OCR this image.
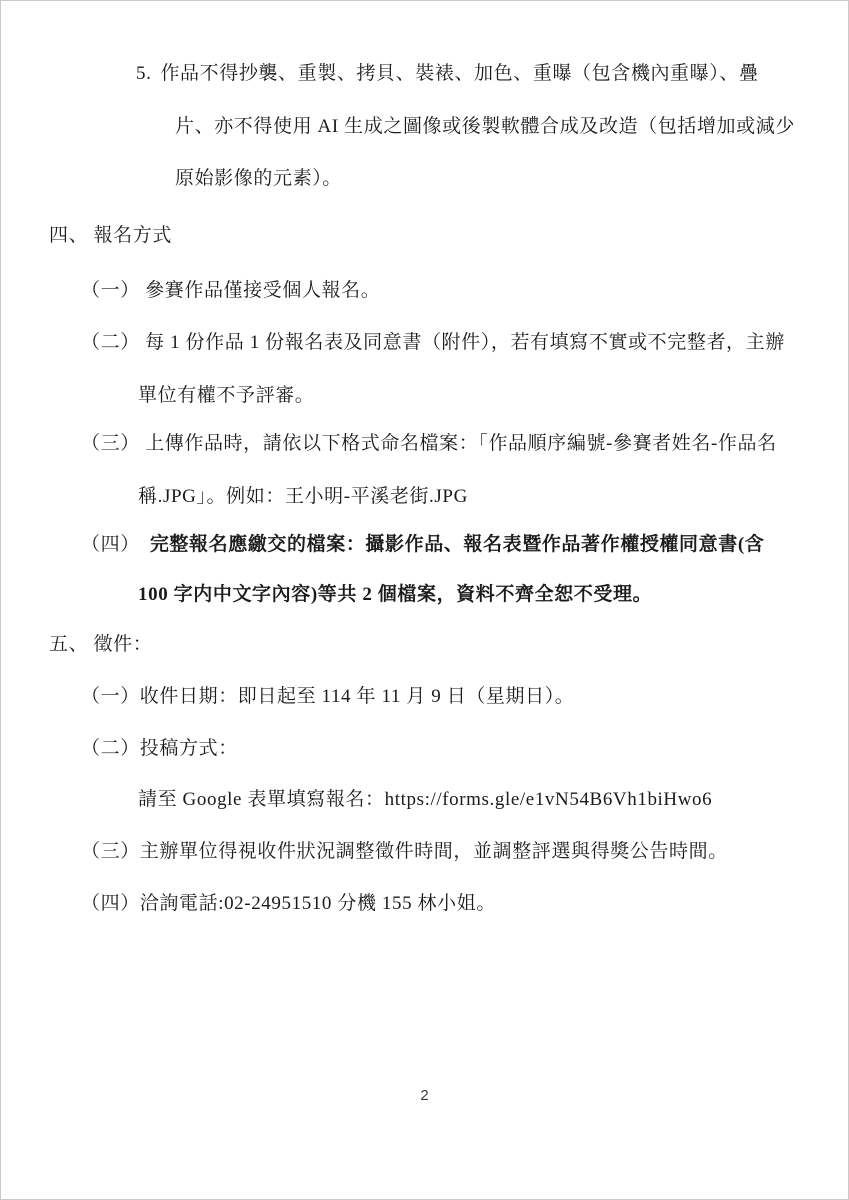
5. 作品不得抄襲、重製、拷貝、裝裱、加色、重曝（包含機內重曝）、疊
片、亦不得使用 AI 生成之圖像或後製軟體合成及改造（包括增加或減少
原始影像的元素）。
四、 報名方式
（一） 參賽作品僅接受個人報名。
（二） 每 1 份作品 1 份報名表及同意書（附件），若有填寫不實或不完整者，主辦
單位有權不予評審。
（三） 上傳作品時，請依以下格式命名檔案：「作品順序編號-參賽者姓名-作品名
稱.JPG」。例如：王小明-平溪老街.JPG
（四） 完整報名應繳交的檔案：攝影作品、報名表暨作品著作權授權同意書(含
100 字内中文字內容)等共 2 個檔案，資料不齊全恕不受理。
五、 徵件：
（一）收件日期：即日起至 114 年 11 月 9 日（星期日）。
（二）投稿方式：
請至 Google 表單填寫報名：https://forms.gle/e1vN54B6Vh1biHwo6
（三）主辦單位得視收件狀況調整徵件時間，並調整評選與得獎公告時間。
（四）洽詢電話:02-24951510 分機 155 林小姐。
2
